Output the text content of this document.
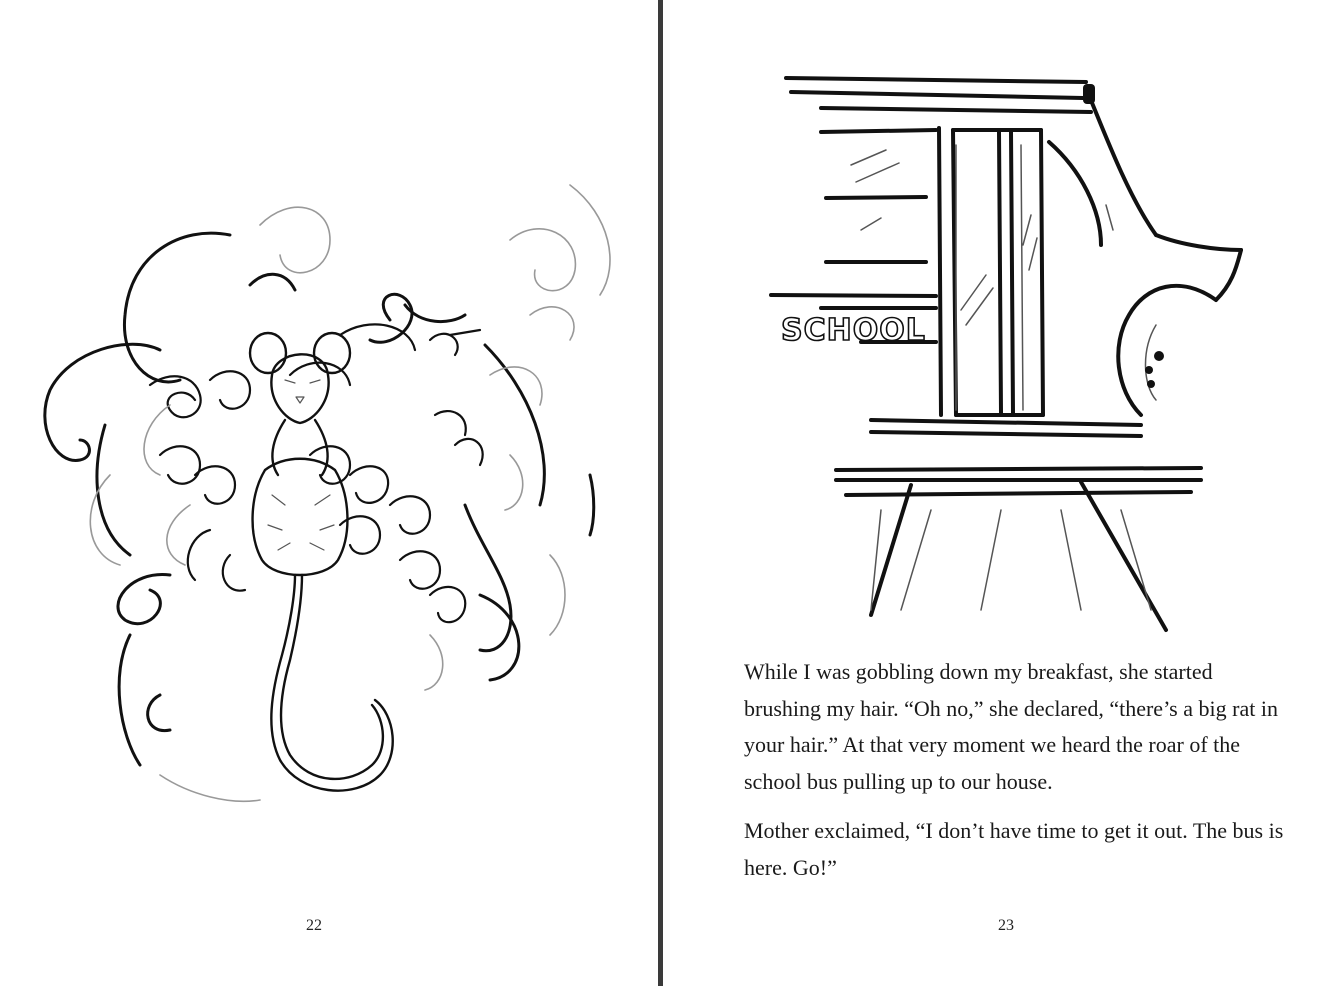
22
SCHOOL

While I was gobbling down my breakfast, she started brushing my hair. “Oh no,” she declared, “there’s a big rat in your hair.” At that very moment we heard the roar of the school bus pulling up to our house.

Mother exclaimed, “I don’t have time to get it out. The bus is here. Go!”

23
